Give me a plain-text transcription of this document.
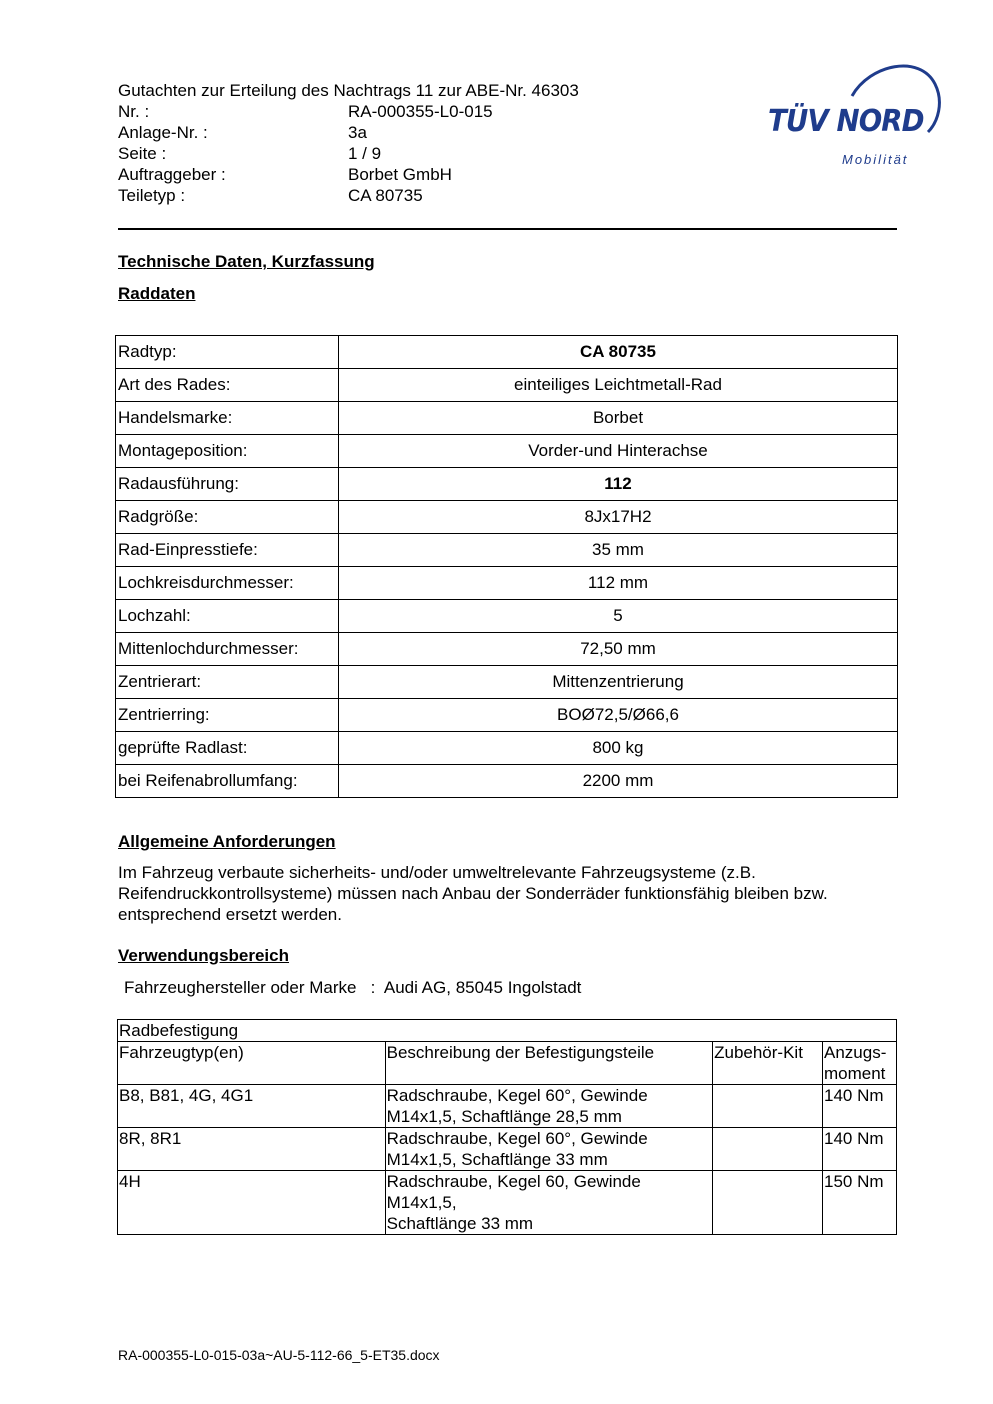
Gutachten zur Erteilung des Nachtrags 11 zur ABE-Nr. 46303
Nr. :	RA-000355-L0-015
Anlage-Nr. :	3a
Seite :	1 / 9
Auftraggeber :	Borbet GmbH
Teiletyp :	CA 80735
TÜV NORD
Mobilität
Technische Daten, Kurzfassung
Raddaten
Radtyp:	CA 80735
Art des Rades:	einteiliges Leichtmetall-Rad
Handelsmarke:	Borbet
Montageposition:	Vorder-und Hinterachse
Radausführung:	112
Radgröße:	8Jx17H2
Rad-Einpresstiefe:	35 mm
Lochkreisdurchmesser:	112 mm
Lochzahl:	5
Mittenlochdurchmesser:	72,50 mm
Zentrierart:	Mittenzentrierung
Zentrierring:	BOØ72,5/Ø66,6
geprüfte Radlast:	800 kg
bei Reifenabrollumfang:	2200 mm
Allgemeine Anforderungen
Im Fahrzeug verbaute sicherheits- und/oder umweltrelevante Fahrzeugsysteme (z.B. Reifendruckkontrollsysteme) müssen nach Anbau der Sonderräder funktionsfähig bleiben bzw. entsprechend ersetzt werden.
Verwendungsbereich
Fahrzeughersteller oder Marke : Audi AG, 85045 Ingolstadt
Radbefestigung			
Fahrzeugtyp(en)	Beschreibung der Befestigungsteile	Zubehör-Kit	Anzugs-
moment
B8, B81, 4G, 4G1	Radschraube, Kegel 60°, Gewinde
M14x1,5, Schaftlänge 28,5 mm		140 Nm
8R, 8R1	Radschraube, Kegel 60°, Gewinde
M14x1,5, Schaftlänge 33 mm		140 Nm
4H	Radschraube, Kegel 60, Gewinde
M14x1,5,
Schaftlänge 33 mm		150 Nm
RA-000355-L0-015-03a~AU-5-112-66_5-ET35.docx
